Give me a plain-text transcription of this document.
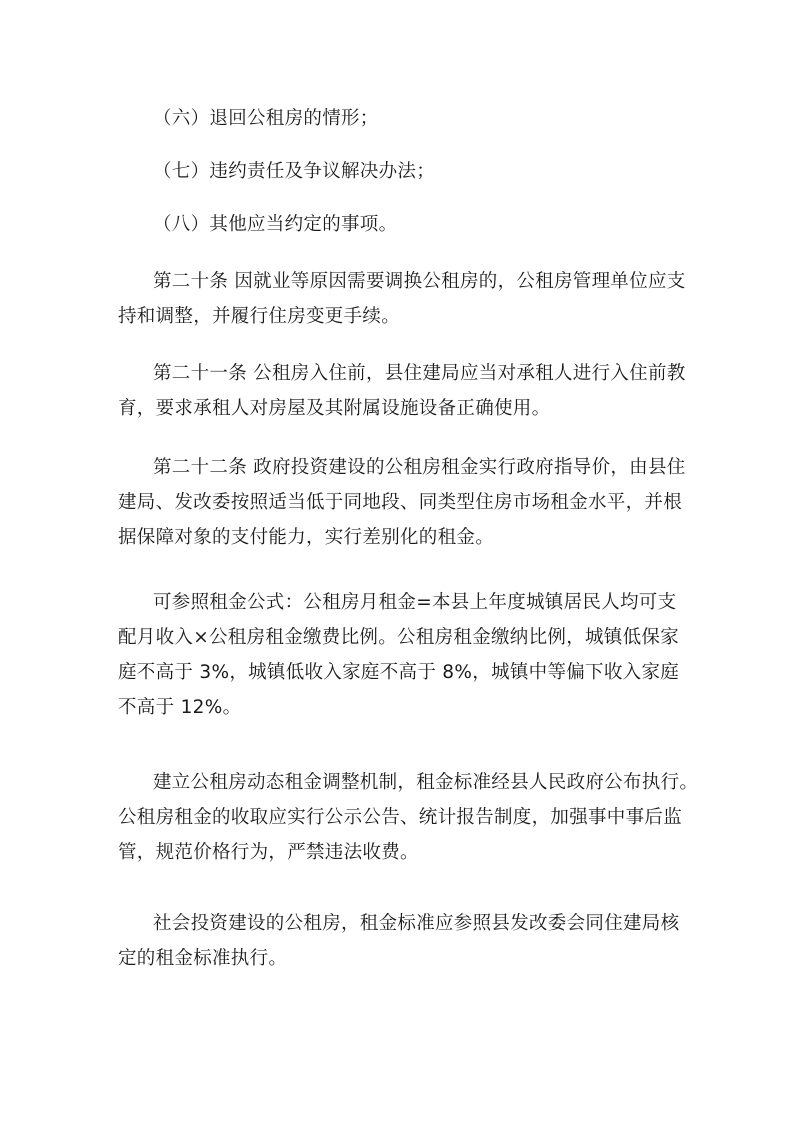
（六）退回公租房的情形；

（七）违约责任及争议解决办法；

（八）其他应当约定的事项。

第二十条 因就业等原因需要调换公租房的，公租房管理单位应支
持和调整，并履行住房变更手续。

第二十一条 公租房入住前，县住建局应当对承租人进行入住前教
育，要求承租人对房屋及其附属设施设备正确使用。

第二十二条 政府投资建设的公租房租金实行政府指导价，由县住
建局、发改委按照适当低于同地段、同类型住房市场租金水平，并根
据保障对象的支付能力，实行差别化的租金。

可参照租金公式：公租房月租金=本县上年度城镇居民人均可支
配月收入×公租房租金缴费比例。公租房租金缴纳比例，城镇低保家
庭不高于 3%，城镇低收入家庭不高于 8%，城镇中等偏下收入家庭
不高于 12%。

建立公租房动态租金调整机制，租金标准经县人民政府公布执行。
公租房租金的收取应实行公示公告、统计报告制度，加强事中事后监
管，规范价格行为，严禁违法收费。

社会投资建设的公租房，租金标准应参照县发改委会同住建局核
定的租金标准执行。
